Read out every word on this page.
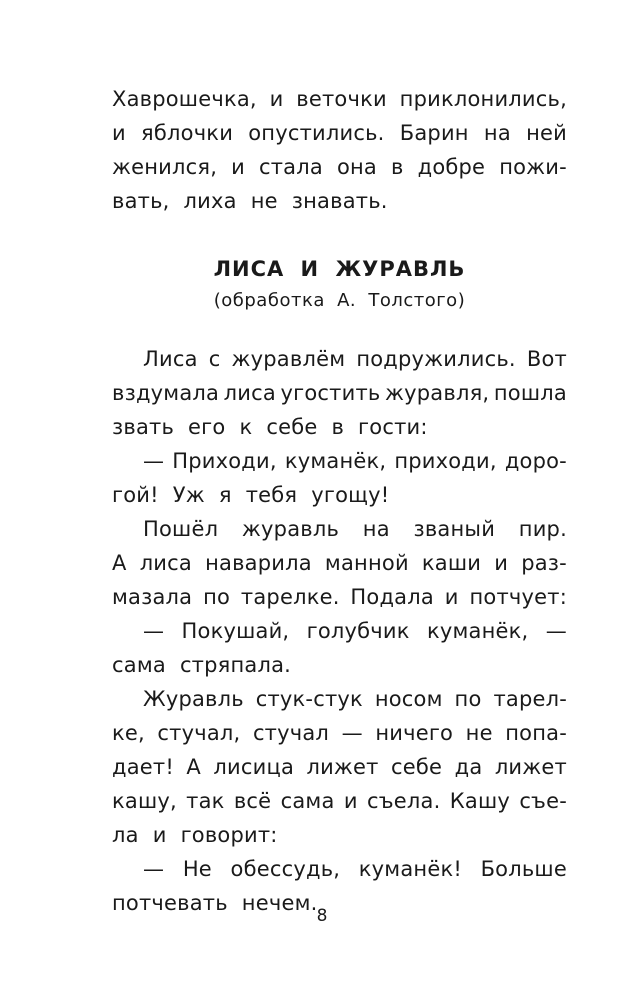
Хаврошечка, и веточки приклонились,
и яблочки опустились. Барин на ней
женился, и стала она в добре пожи-
вать, лиха не знавать.
ЛИСА И ЖУРАВЛЬ
(обработка А. Толстого)
Лиса с журавлём подружились. Вот
вздумала лиса угостить журавля, пошла
звать его к себе в гости:
— Приходи, куманёк, приходи, доро-
гой! Уж я тебя угощу!
Пошёл журавль на званый пир.
А лиса наварила манной каши и раз-
мазала по тарелке. Подала и потчует:
— Покушай, голубчик куманёк, —
сама стряпала.
Журавль стук-стук носом по тарел-
ке, стучал, стучал — ничего не попа-
дает! А лисица лижет себе да лижет
кашу, так всё сама и съела. Кашу съе-
ла и говорит:
— Не обессудь, куманёк! Больше
потчевать нечем.
8
